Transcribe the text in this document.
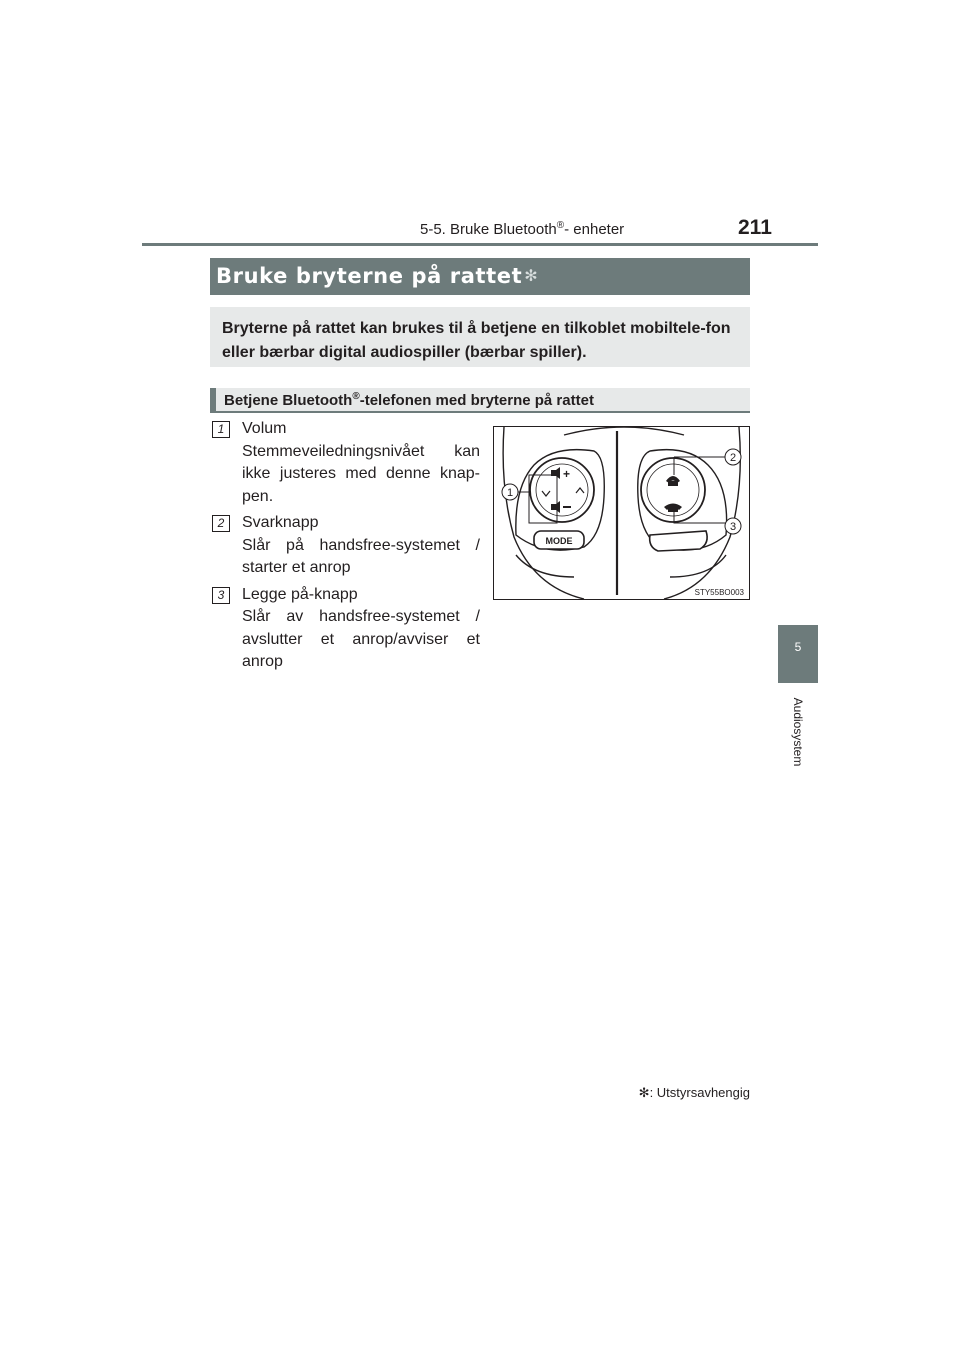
5-5. Bruke Bluetooth®- enheter	211
5
Audiosystem
Bruke bryterne på rattet ✻
Bryterne på rattet kan brukes til å betjene en tilkoblet mobiltele-fon eller bærbar digital audiospiller (bærbar spiller).
Betjene Bluetooth®-telefonen med bryterne på rattet
1	Volum
Stemmeveiledningsnivået kan ikke justeres med denne knap-pen.
2	Svarknapp
Slår på handsfree-systemet / starter et anrop
3	Legge på-knapp
Slår av handsfree-systemet / avslutter et anrop/avviser et anrop
+
MODE
1
2
3
STY55BO003
✻: Utstyrsavhengig
